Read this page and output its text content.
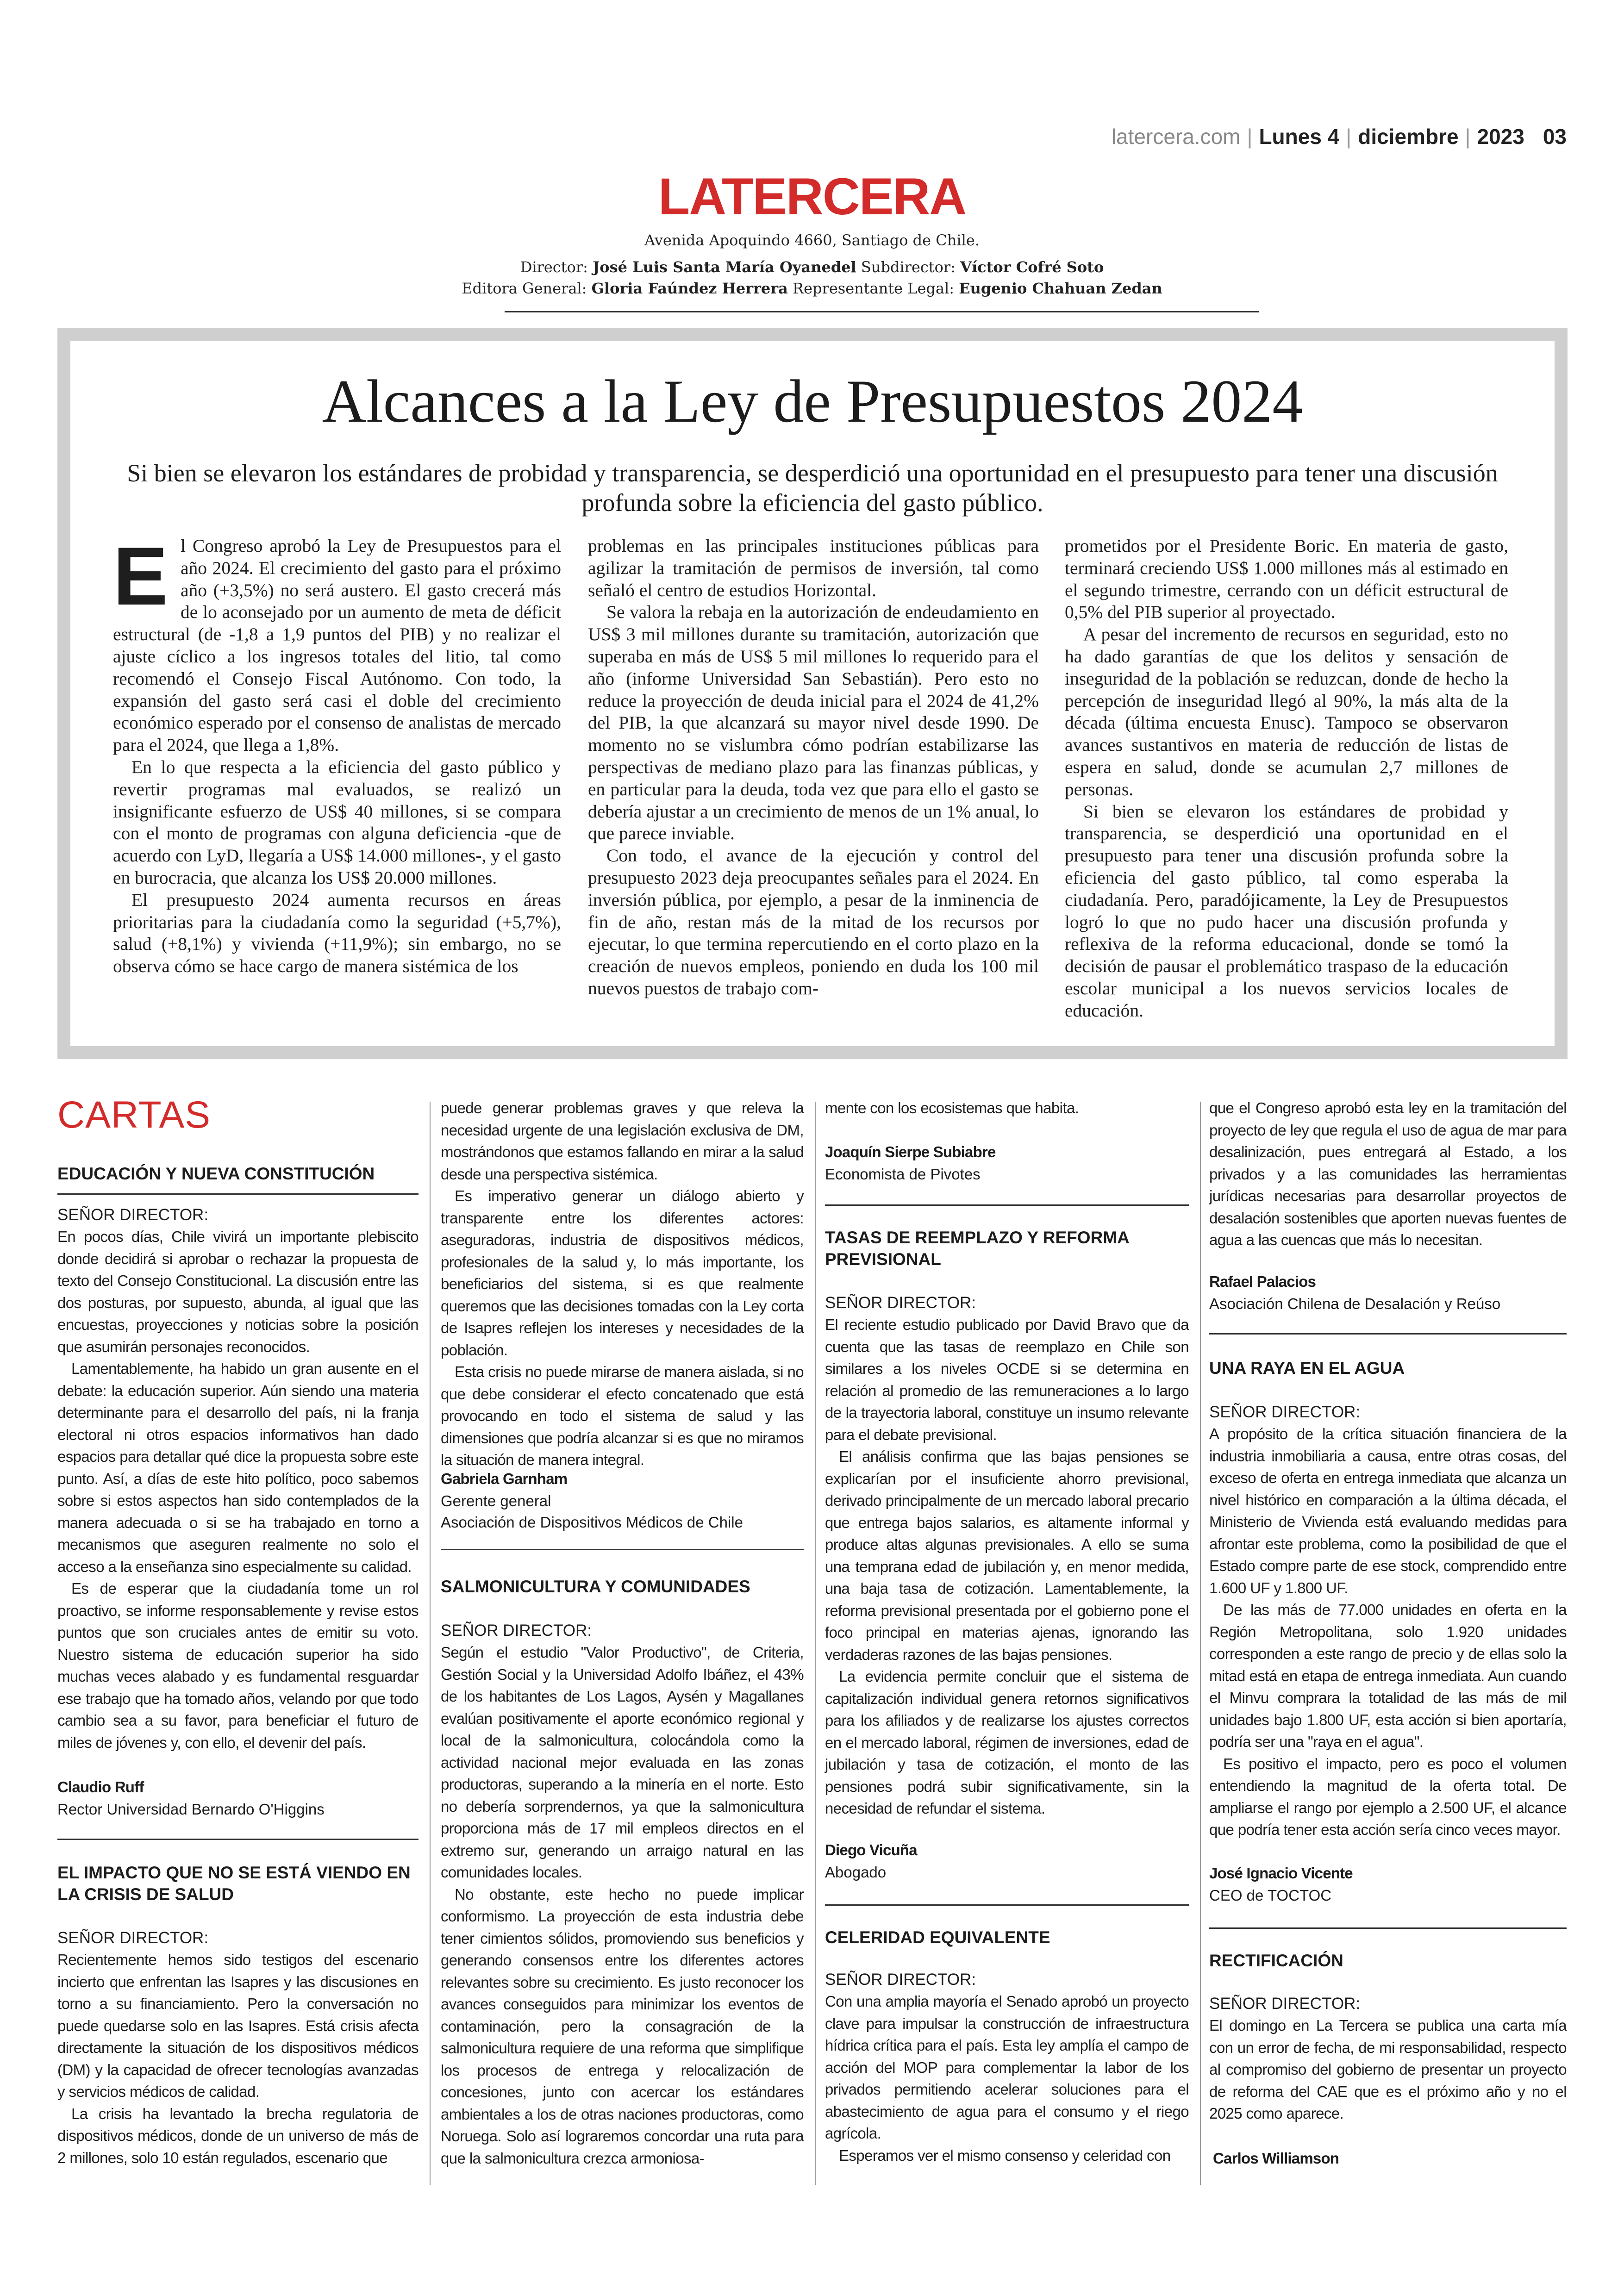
latercera.com | Lunes 4 | diciembre | 2023 03
LATERCERA
Avenida Apoquindo 4660, Santiago de Chile.
Director: José Luis Santa María Oyanedel Subdirector: Víctor Cofré Soto
Editora General: Gloria Faúndez Herrera Representante Legal: Eugenio Chahuan Zedan
Alcances a la Ley de Presupuestos 2024
Si bien se elevaron los estándares de probidad y transparencia, se desperdició una oportunidad en el presupuesto para tener una discusión profunda sobre la eficiencia del gasto público.

El Congreso aprobó la Ley de Presupuestos para el año 2024. El crecimiento del gasto para el próximo año (+3,5%) no será austero. El gasto crecerá más de lo aconsejado por un aumento de meta de déficit estructural (de -1,8 a 1,9 puntos del PIB) y no realizar el ajuste cíclico a los ingresos totales del litio, tal como recomendó el Consejo Fiscal Autónomo. Con todo, la expansión del gasto será casi el doble del crecimiento económico esperado por el consenso de analistas de mercado para el 2024, que llega a 1,8%.

En lo que respecta a la eficiencia del gasto público y revertir programas mal evaluados, se realizó un insignificante esfuerzo de US$ 40 millones, si se compara con el monto de programas con alguna deficiencia -que de acuerdo con LyD, llegaría a US$ 14.000 millones-, y el gasto en burocracia, que alcanza los US$ 20.000 millones.

El presupuesto 2024 aumenta recursos en áreas prioritarias para la ciudadanía como la seguridad (+5,7%), salud (+8,1%) y vivienda (+11,9%); sin embargo, no se observa cómo se hace cargo de manera sistémica de los

problemas en las principales instituciones públicas para agilizar la tramitación de permisos de inversión, tal como señaló el centro de estudios Horizontal.

Se valora la rebaja en la autorización de endeudamiento en US$ 3 mil millones durante su tramitación, autorización que superaba en más de US$ 5 mil millones lo requerido para el año (informe Universidad San Sebastián). Pero esto no reduce la proyección de deuda inicial para el 2024 de 41,2% del PIB, la que alcanzará su mayor nivel desde 1990. De momento no se vislumbra cómo podrían estabilizarse las perspectivas de mediano plazo para las finanzas públicas, y en particular para la deuda, toda vez que para ello el gasto se debería ajustar a un crecimiento de menos de un 1% anual, lo que parece inviable.

Con todo, el avance de la ejecución y control del presupuesto 2023 deja preocupantes señales para el 2024. En inversión pública, por ejemplo, a pesar de la inminencia de fin de año, restan más de la mitad de los recursos por ejecutar, lo que termina repercutiendo en el corto plazo en la creación de nuevos empleos, poniendo en duda los 100 mil nuevos puestos de trabajo com-

prometidos por el Presidente Boric. En materia de gasto, terminará creciendo US$ 1.000 millones más al estimado en el segundo trimestre, cerrando con un déficit estructural de 0,5% del PIB superior al proyectado.

A pesar del incremento de recursos en seguridad, esto no ha dado garantías de que los delitos y sensación de inseguridad de la población se reduzcan, donde de hecho la percepción de inseguridad llegó al 90%, la más alta de la década (última encuesta Enusc). Tampoco se observaron avances sustantivos en materia de reducción de listas de espera en salud, donde se acumulan 2,7 millones de personas.

Si bien se elevaron los estándares de probidad y transparencia, se desperdició una oportunidad en el presupuesto para tener una discusión profunda sobre la eficiencia del gasto público, tal como esperaba la ciudadanía. Pero, paradójicamente, la Ley de Presupuestos logró lo que no pudo hacer una discusión profunda y reflexiva de la reforma educacional, donde se tomó la decisión de pausar el problemático traspaso de la educación escolar municipal a los nuevos servicios locales de educación.

CARTAS
EDUCACIÓN Y NUEVA CONSTITUCIÓN
SEÑOR DIRECTOR:

En pocos días, Chile vivirá un importante plebiscito donde decidirá si aprobar o rechazar la propuesta de texto del Consejo Constitucional. La discusión entre las dos posturas, por supuesto, abunda, al igual que las encuestas, proyecciones y noticias sobre la posición que asumirán personajes reconocidos.

Lamentablemente, ha habido un gran ausente en el debate: la educación superior. Aún siendo una materia determinante para el desarrollo del país, ni la franja electoral ni otros espacios informativos han dado espacios para detallar qué dice la propuesta sobre este punto. Así, a días de este hito político, poco sabemos sobre si estos aspectos han sido contemplados de la manera adecuada o si se ha trabajado en torno a mecanismos que aseguren realmente no solo el acceso a la enseñanza sino especialmente su calidad.

Es de esperar que la ciudadanía tome un rol proactivo, se informe responsablemente y revise estos puntos que son cruciales antes de emitir su voto. Nuestro sistema de educación superior ha sido muchas veces alabado y es fundamental resguardar ese trabajo que ha tomado años, velando por que todo cambio sea a su favor, para beneficiar el futuro de miles de jóvenes y, con ello, el devenir del país.

Claudio Ruff
Rector Universidad Bernardo O'Higgins
EL IMPACTO QUE NO SE ESTÁ VIENDO EN LA CRISIS DE SALUD
SEÑOR DIRECTOR:

Recientemente hemos sido testigos del escenario incierto que enfrentan las Isapres y las discusiones en torno a su financiamiento. Pero la conversación no puede quedarse solo en las Isapres. Está crisis afecta directamente la situación de los dispositivos médicos (DM) y la capacidad de ofrecer tecnologías avanzadas y servicios médicos de calidad.

La crisis ha levantado la brecha regulatoria de dispositivos médicos, donde de un universo de más de 2 millones, solo 10 están regulados, escenario que

puede generar problemas graves y que releva la necesidad urgente de una legislación exclusiva de DM, mostrándonos que estamos fallando en mirar a la salud desde una perspectiva sistémica.

Es imperativo generar un diálogo abierto y transparente entre los diferentes actores: aseguradoras, industria de dispositivos médicos, profesionales de la salud y, lo más importante, los beneficiarios del sistema, si es que realmente queremos que las decisiones tomadas con la Ley corta de Isapres reflejen los intereses y necesidades de la población.

Esta crisis no puede mirarse de manera aislada, si no que debe considerar el efecto concatenado que está provocando en todo el sistema de salud y las dimensiones que podría alcanzar si es que no miramos la situación de manera integral.

Gabriela Garnham
Gerente general
Asociación de Dispositivos Médicos de Chile
SALMONICULTURA Y COMUNIDADES
SEÑOR DIRECTOR:

Según el estudio "Valor Productivo", de Criteria, Gestión Social y la Universidad Adolfo Ibáñez, el 43% de los habitantes de Los Lagos, Aysén y Magallanes evalúan positivamente el aporte económico regional y local de la salmonicultura, colocándola como la actividad nacional mejor evaluada en las zonas productoras, superando a la minería en el norte. Esto no debería sorprendernos, ya que la salmonicultura proporciona más de 17 mil empleos directos en el extremo sur, generando un arraigo natural en las comunidades locales.

No obstante, este hecho no puede implicar conformismo. La proyección de esta industria debe tener cimientos sólidos, promoviendo sus beneficios y generando consensos entre los diferentes actores relevantes sobre su crecimiento. Es justo reconocer los avances conseguidos para minimizar los eventos de contaminación, pero la consagración de la salmonicultura requiere de una reforma que simplifique los procesos de entrega y relocalización de concesiones, junto con acercar los estándares ambientales a los de otras naciones productoras, como Noruega. Solo así lograremos concordar una ruta para que la salmonicultura crezca armoniosa-

mente con los ecosistemas que habita.

Joaquín Sierpe Subiabre
Economista de Pivotes
TASAS DE REEMPLAZO Y REFORMA PREVISIONAL
SEÑOR DIRECTOR:

El reciente estudio publicado por David Bravo que da cuenta que las tasas de reemplazo en Chile son similares a los niveles OCDE si se determina en relación al promedio de las remuneraciones a lo largo de la trayectoria laboral, constituye un insumo relevante para el debate previsional.

El análisis confirma que las bajas pensiones se explicarían por el insuficiente ahorro previsional, derivado principalmente de un mercado laboral precario que entrega bajos salarios, es altamente informal y produce altas algunas previsionales. A ello se suma una temprana edad de jubilación y, en menor medida, una baja tasa de cotización. Lamentablemente, la reforma previsional presentada por el gobierno pone el foco principal en materias ajenas, ignorando las verdaderas razones de las bajas pensiones.

La evidencia permite concluir que el sistema de capitalización individual genera retornos significativos para los afiliados y de realizarse los ajustes correctos en el mercado laboral, régimen de inversiones, edad de jubilación y tasa de cotización, el monto de las pensiones podrá subir significativamente, sin la necesidad de refundar el sistema.

Diego Vicuña
Abogado
CELERIDAD EQUIVALENTE
SEÑOR DIRECTOR:

Con una amplia mayoría el Senado aprobó un proyecto clave para impulsar la construcción de infraestructura hídrica crítica para el país. Esta ley amplía el campo de acción del MOP para complementar la labor de los privados permitiendo acelerar soluciones para el abastecimiento de agua para el consumo y el riego agrícola.

Esperamos ver el mismo consenso y celeridad con

que el Congreso aprobó esta ley en la tramitación del proyecto de ley que regula el uso de agua de mar para desalinización, pues entregará al Estado, a los privados y a las comunidades las herramientas jurídicas necesarias para desarrollar proyectos de desalación sostenibles que aporten nuevas fuentes de agua a las cuencas que más lo necesitan.

Rafael Palacios
Asociación Chilena de Desalación y Reúso
UNA RAYA EN EL AGUA
SEÑOR DIRECTOR:

A propósito de la crítica situación financiera de la industria inmobiliaria a causa, entre otras cosas, del exceso de oferta en entrega inmediata que alcanza un nivel histórico en comparación a la última década, el Ministerio de Vivienda está evaluando medidas para afrontar este problema, como la posibilidad de que el Estado compre parte de ese stock, comprendido entre 1.600 UF y 1.800 UF.

De las más de 77.000 unidades en oferta en la Región Metropolitana, solo 1.920 unidades corresponden a este rango de precio y de ellas solo la mitad está en etapa de entrega inmediata. Aun cuando el Minvu comprara la totalidad de las más de mil unidades bajo 1.800 UF, esta acción si bien aportaría, podría ser una "raya en el agua".

Es positivo el impacto, pero es poco el volumen entendiendo la magnitud de la oferta total. De ampliarse el rango por ejemplo a 2.500 UF, el alcance que podría tener esta acción sería cinco veces mayor.

José Ignacio Vicente
CEO de TOCTOC
RECTIFICACIÓN
SEÑOR DIRECTOR:

El domingo en La Tercera se publica una carta mía con un error de fecha, de mi responsabilidad, respecto al compromiso del gobierno de presentar un proyecto de reforma del CAE que es el próximo año y no el 2025 como aparece.

Carlos Williamson
